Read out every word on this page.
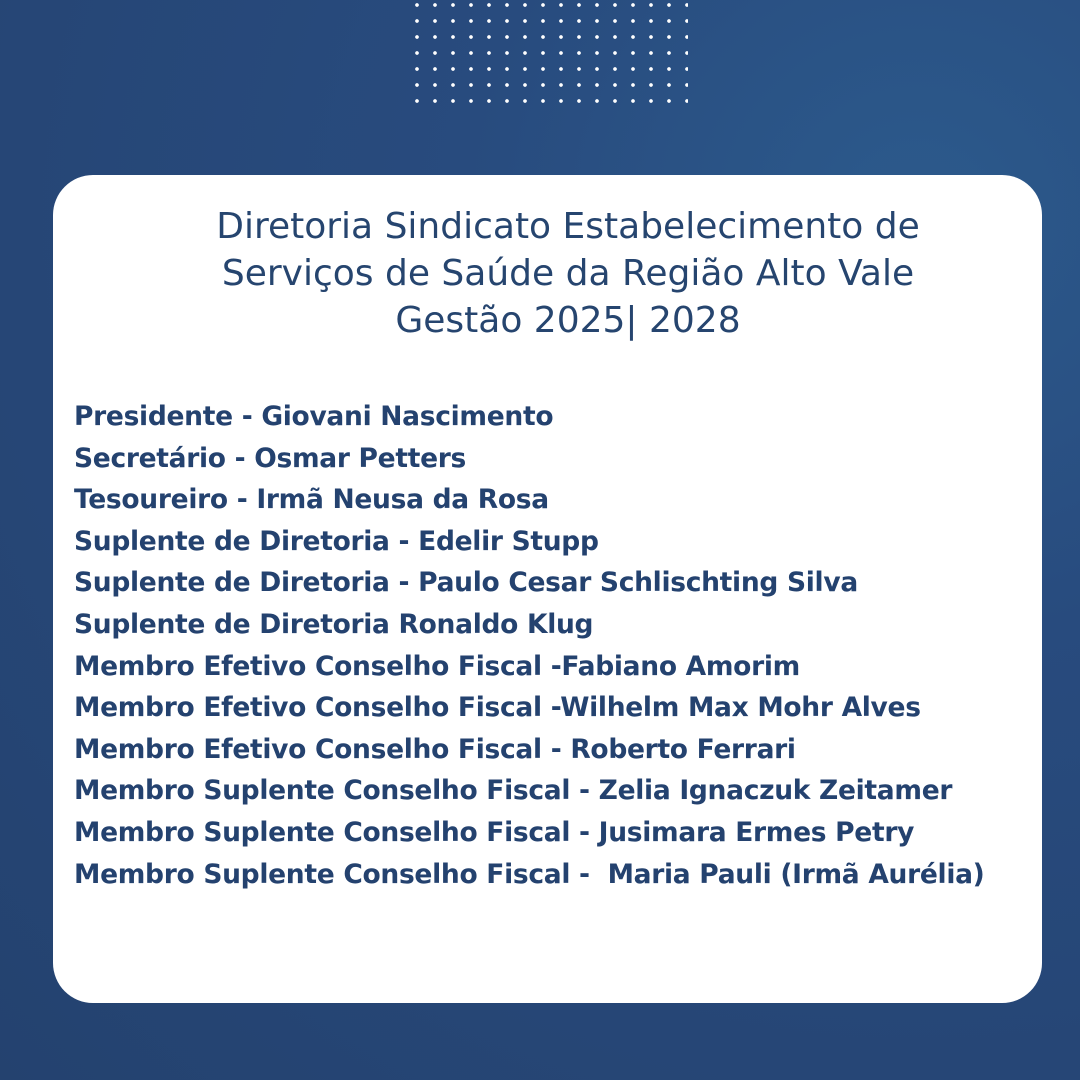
Diretoria Sindicato Estabelecimento de
Serviços de Saúde da Região Alto Vale
Gestão 2025| 2028
Presidente - Giovani Nascimento
Secretário - Osmar Petters
Tesoureiro - Irmã Neusa da Rosa
Suplente de Diretoria - Edelir Stupp
Suplente de Diretoria - Paulo Cesar Schlischting Silva
Suplente de Diretoria Ronaldo Klug
Membro Efetivo Conselho Fiscal -Fabiano Amorim
Membro Efetivo Conselho Fiscal -Wilhelm Max Mohr Alves
Membro Efetivo Conselho Fiscal - Roberto Ferrari
Membro Suplente Conselho Fiscal - Zelia Ignaczuk Zeitamer
Membro Suplente Conselho Fiscal - Jusimara Ermes Petry
Membro Suplente Conselho Fiscal -  Maria Pauli (Irmã Aurélia)
